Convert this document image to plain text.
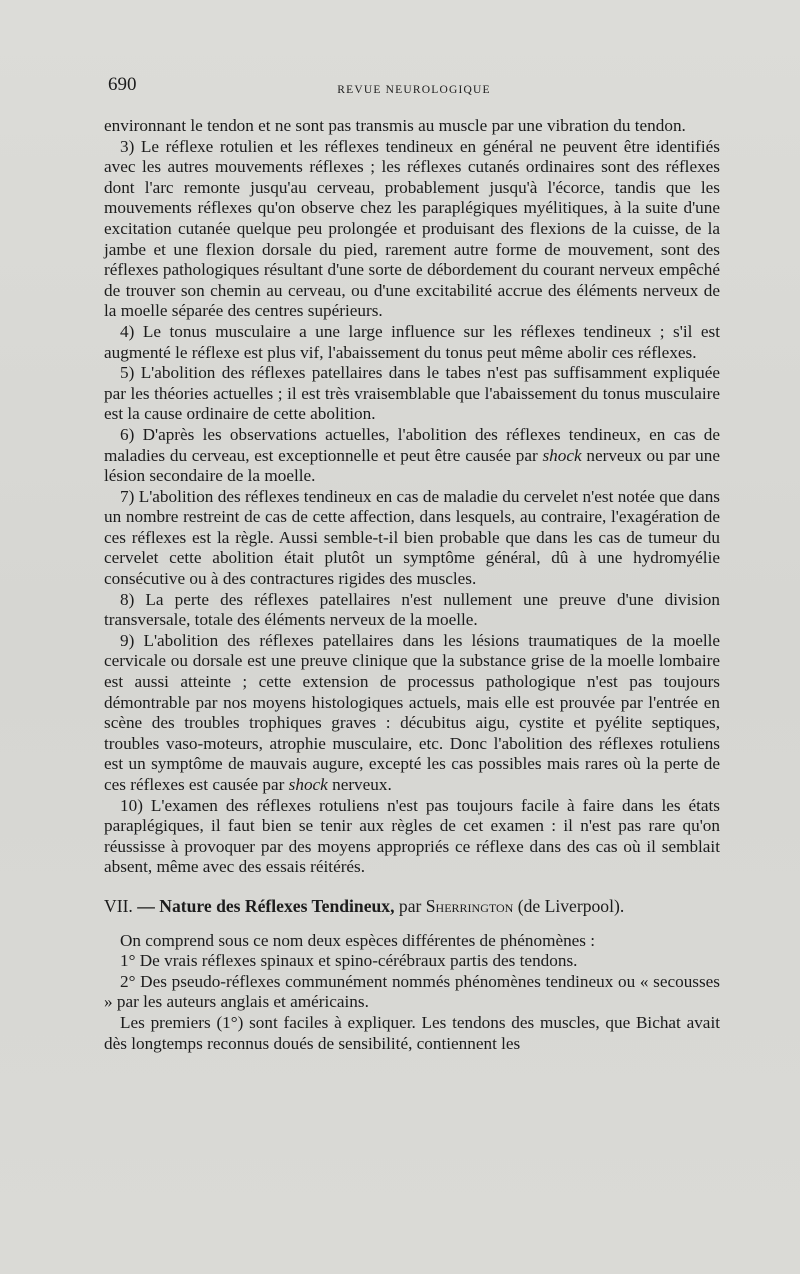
690	REVUE NEUROLOGIQUE

environnant le tendon et ne sont pas transmis au muscle par une vibration du tendon.

3) Le réflexe rotulien et les réflexes tendineux en général ne peuvent être identifiés avec les autres mouvements réflexes ; les réflexes cutanés ordinaires sont des réflexes dont l'arc remonte jusqu'au cerveau, probablement jusqu'à l'écorce, tandis que les mouvements réflexes qu'on observe chez les paraplégiques myélitiques, à la suite d'une excitation cutanée quelque peu prolongée et produisant des flexions de la cuisse, de la jambe et une flexion dorsale du pied, rarement autre forme de mouvement, sont des réflexes pathologiques résultant d'une sorte de débordement du courant nerveux empêché de trouver son chemin au cerveau, ou d'une excitabilité accrue des éléments nerveux de la moelle séparée des centres supérieurs.

4) Le tonus musculaire a une large influence sur les réflexes tendineux ; s'il est augmenté le réflexe est plus vif, l'abaissement du tonus peut même abolir ces réflexes.

5) L'abolition des réflexes patellaires dans le tabes n'est pas suffisamment expliquée par les théories actuelles ; il est très vraisemblable que l'abaissement du tonus musculaire est la cause ordinaire de cette abolition.

6) D'après les observations actuelles, l'abolition des réflexes tendineux, en cas de maladies du cerveau, est exceptionnelle et peut être causée par shock nerveux ou par une lésion secondaire de la moelle.

7) L'abolition des réflexes tendineux en cas de maladie du cervelet n'est notée que dans un nombre restreint de cas de cette affection, dans lesquels, au contraire, l'exagération de ces réflexes est la règle. Aussi semble-t-il bien probable que dans les cas de tumeur du cervelet cette abolition était plutôt un symptôme général, dû à une hydromyélie consécutive ou à des contractures rigides des muscles.

8) La perte des réflexes patellaires n'est nullement une preuve d'une division transversale, totale des éléments nerveux de la moelle.

9) L'abolition des réflexes patellaires dans les lésions traumatiques de la moelle cervicale ou dorsale est une preuve clinique que la substance grise de la moelle lombaire est aussi atteinte ; cette extension de processus pathologique n'est pas toujours démontrable par nos moyens histologiques actuels, mais elle est prouvée par l'entrée en scène des troubles trophiques graves : décubitus aigu, cystite et pyélite septiques, troubles vaso-moteurs, atrophie musculaire, etc. Donc l'abolition des réflexes rotuliens est un symptôme de mauvais augure, excepté les cas possibles mais rares où la perte de ces réflexes est causée par shock nerveux.

10) L'examen des réflexes rotuliens n'est pas toujours facile à faire dans les états paraplégiques, il faut bien se tenir aux règles de cet examen : il n'est pas rare qu'on réussisse à provoquer par des moyens appropriés ce réflexe dans des cas où il semblait absent, même avec des essais réitérés.

VII. — Nature des Réflexes Tendineux, par Sherrington (de Liverpool).

On comprend sous ce nom deux espèces différentes de phénomènes :

1° De vrais réflexes spinaux et spino-cérébraux partis des tendons.

2° Des pseudo-réflexes communément nommés phénomènes tendineux ou « secousses » par les auteurs anglais et américains.

Les premiers (1°) sont faciles à expliquer. Les tendons des muscles, que Bichat avait dès longtemps reconnus doués de sensibilité, contiennent les
